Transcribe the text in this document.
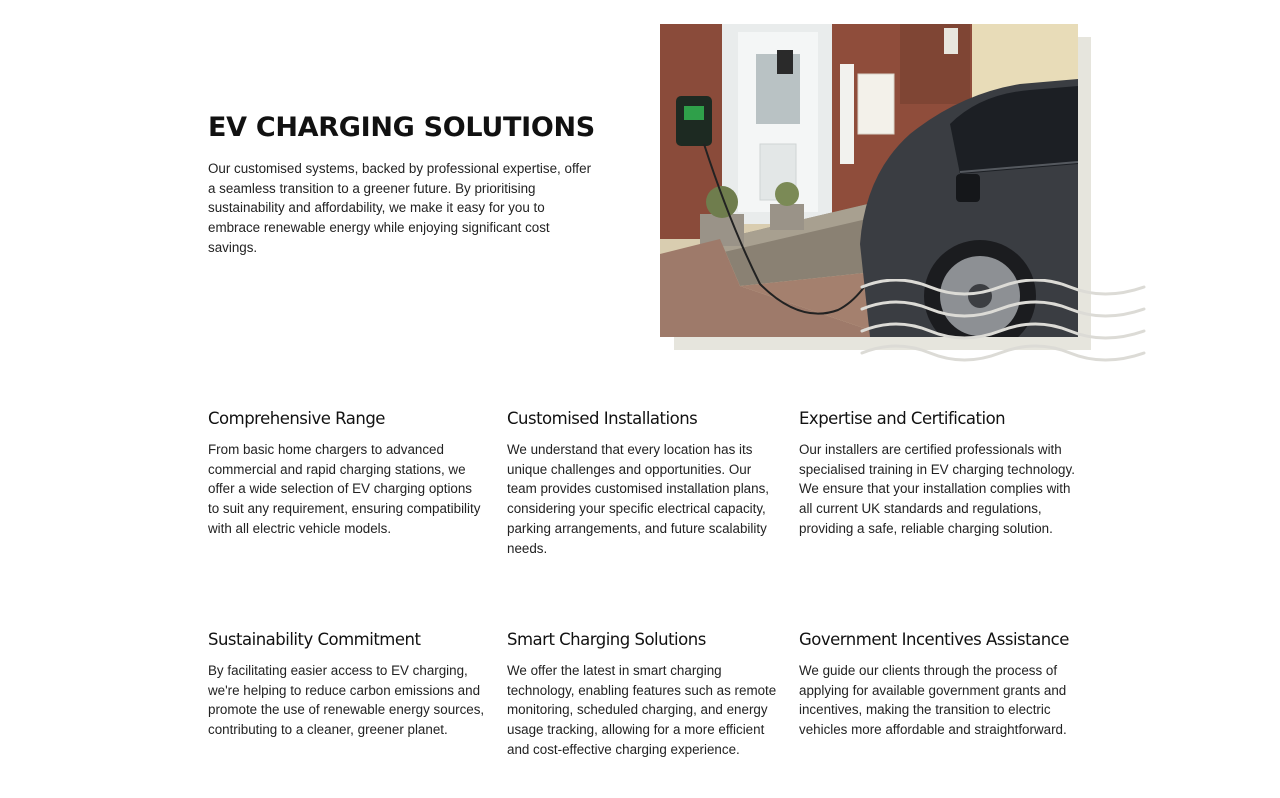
EV CHARGING SOLUTIONS

Our customised systems, backed by professional expertise, offer a seamless transition to a greener future. By prioritising sustainability and affordability, we make it easy for you to embrace renewable energy while enjoying significant cost savings.

Comprehensive Range

From basic home chargers to advanced commercial and rapid charging stations, we offer a wide selection of EV charging options to suit any requirement, ensuring compatibility with all electric vehicle models.

Customised Installations

We understand that every location has its unique challenges and opportunities. Our team provides customised installation plans, considering your specific electrical capacity, parking arrangements, and future scalability needs.

Expertise and Certification

Our installers are certified professionals with specialised training in EV charging technology. We ensure that your installation complies with all current UK standards and regulations, providing a safe, reliable charging solution.

Sustainability Commitment

By facilitating easier access to EV charging, we're helping to reduce carbon emissions and promote the use of renewable energy sources, contributing to a cleaner, greener planet.

Smart Charging Solutions

We offer the latest in smart charging technology, enabling features such as remote monitoring, scheduled charging, and energy usage tracking, allowing for a more efficient and cost-effective charging experience.

Government Incentives Assistance

We guide our clients through the process of applying for available government grants and incentives, making the transition to electric vehicles more affordable and straightforward.
